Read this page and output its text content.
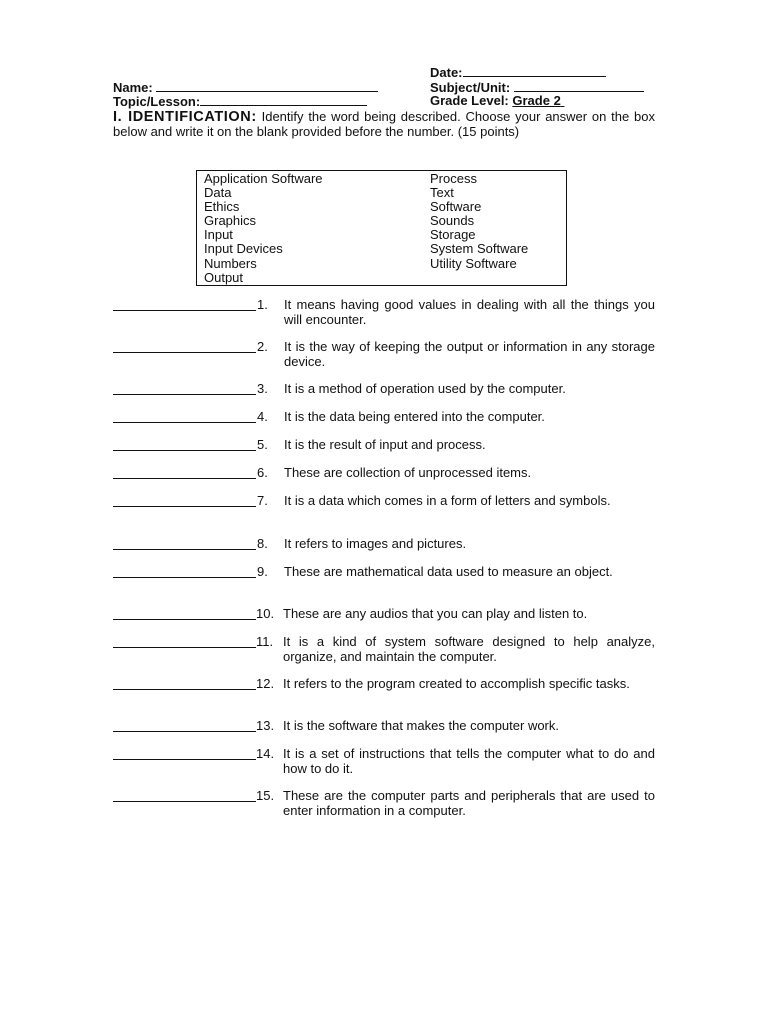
Date:
Name:	Subject/Unit:
Topic/Lesson:	Grade Level: Grade 2
I. IDENTIFICATION: Identify the word being described. Choose your answer on the box below and write it on the blank provided before the number. (15 points)
Application Software
Data
Ethics
Graphics
Input
Input Devices
Numbers
Output
Process
Text
Software
Sounds
Storage
System Software
Utility Software
1. It means having good values in dealing with all the things you will encounter.
2. It is the way of keeping the output or information in any storage device.
3. It is a method of operation used by the computer.
4. It is the data being entered into the computer.
5. It is the result of input and process.
6. These are collection of unprocessed items.
7. It is a data which comes in a form of letters and symbols.
8. It refers to images and pictures.
9. These are mathematical data used to measure an object.
10. These are any audios that you can play and listen to.
11. It is a kind of system software designed to help analyze, organize, and maintain the computer.
12. It refers to the program created to accomplish specific tasks.
13. It is the software that makes the computer work.
14. It is a set of instructions that tells the computer what to do and how to do it.
15. These are the computer parts and peripherals that are used to enter information in a computer.
